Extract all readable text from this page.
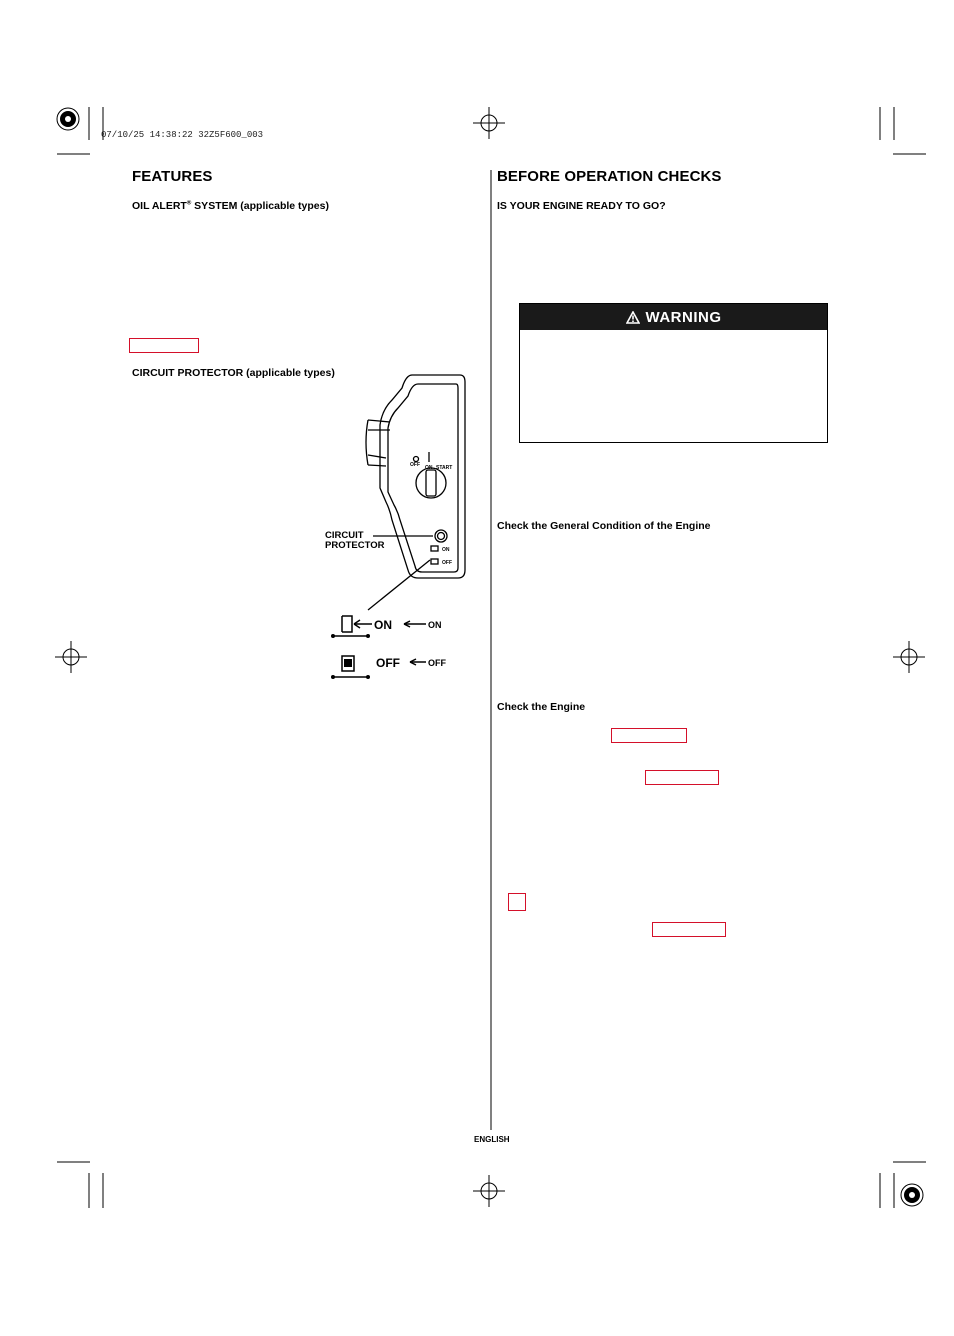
07/10/25 14:38:22 32Z5F600_003
FEATURES
OIL ALERT® SYSTEM (applicable types)
CIRCUIT PROTECTOR (applicable types)
OFF ON START
ON
OFF
CIRCUIT
PROTECTOR
ON	ON
OFF	OFF
BEFORE OPERATION CHECKS
IS YOUR ENGINE READY TO GO?
WARNING
Check the General Condition of the Engine
Check the Engine
ENGLISH
